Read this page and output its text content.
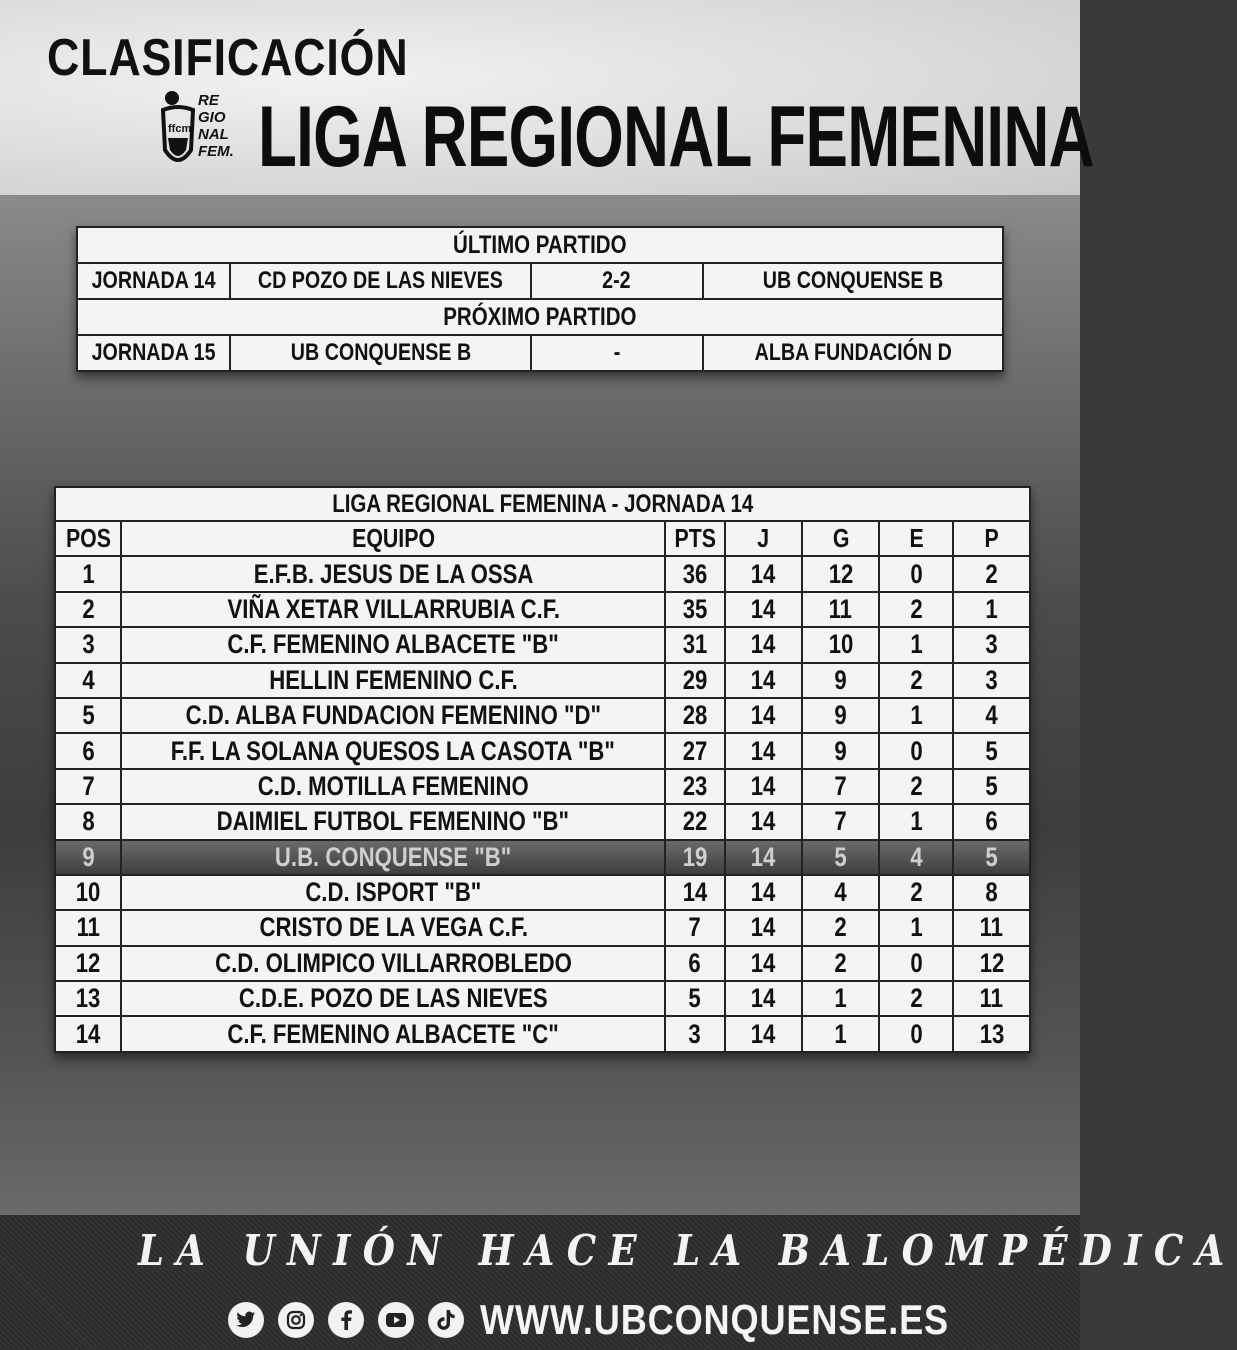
CLASIFICACIÓN
ffcm
RE
GIO
NAL
FEM. LIGA REGIONAL FEMENINA
ÚLTIMO PARTIDO			
JORNADA 14	CD POZO DE LAS NIEVES	2-2	UB CONQUENSE B
PRÓXIMO PARTIDO			
JORNADA 15	UB CONQUENSE B	-	ALBA FUNDACIÓN D
LIGA REGIONAL FEMENINA - JORNADA 14						
POS	EQUIPO	PTS	J	G	E	P
1	E.F.B. JESUS DE LA OSSA	36	14	12	0	2
2	VIÑA XETAR VILLARRUBIA C.F.	35	14	11	2	1
3	C.F. FEMENINO ALBACETE "B"	31	14	10	1	3
4	HELLIN FEMENINO C.F.	29	14	9	2	3
5	C.D. ALBA FUNDACION FEMENINO "D"	28	14	9	1	4
6	F.F. LA SOLANA QUESOS LA CASOTA "B"	27	14	9	0	5
7	C.D. MOTILLA FEMENINO	23	14	7	2	5
8	DAIMIEL FUTBOL FEMENINO "B"	22	14	7	1	6
9	U.B. CONQUENSE "B"	19	14	5	4	5
10	C.D. ISPORT "B"	14	14	4	2	8
11	CRISTO DE LA VEGA C.F.	7	14	2	1	11
12	C.D. OLIMPICO VILLARROBLEDO	6	14	2	0	12
13	C.D.E. POZO DE LAS NIEVES	5	14	1	2	11
14	C.F. FEMENINO ALBACETE "C"	3	14	1	0	13
LA UNIÓN HACE LA BALOMPÉDICA
WWW.UBCONQUENSE.ES
